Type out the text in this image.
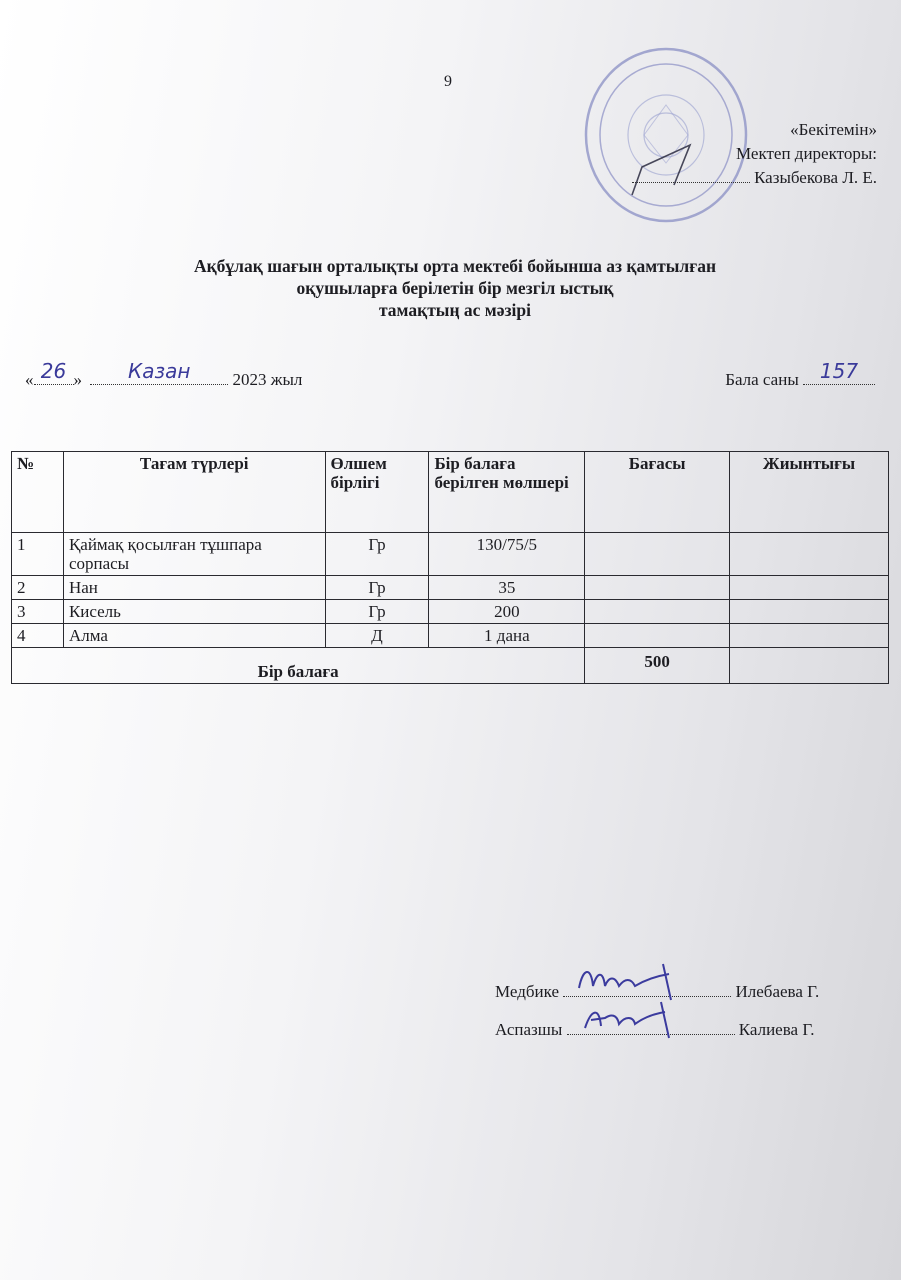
9
«Бекітемін»
Мектеп директоры:
Казыбекова Л. Е.
Ақбұлақ шағын орталықты орта мектебі бойынша аз қамтылған
оқушыларға берілетін бір мезгіл ыстық
тамақтың ас мәзірі
« 26 »	Казан	2023 жыл	Бала саны	157
№	Тағам түрлері	Өлшем бірлігі	Бір балаға берілген мөлшері	Бағасы	Жиынтығы
1	Қаймақ қосылған тұшпара сорпасы	Гр	130/75/5		
2	Нан	Гр	35		
3	Кисель	Гр	200		
4	Алма	Д	1 дана		
Бір балаға				500	
Медбике	Илебаева Г.
Аспазшы	Калиева Г.
